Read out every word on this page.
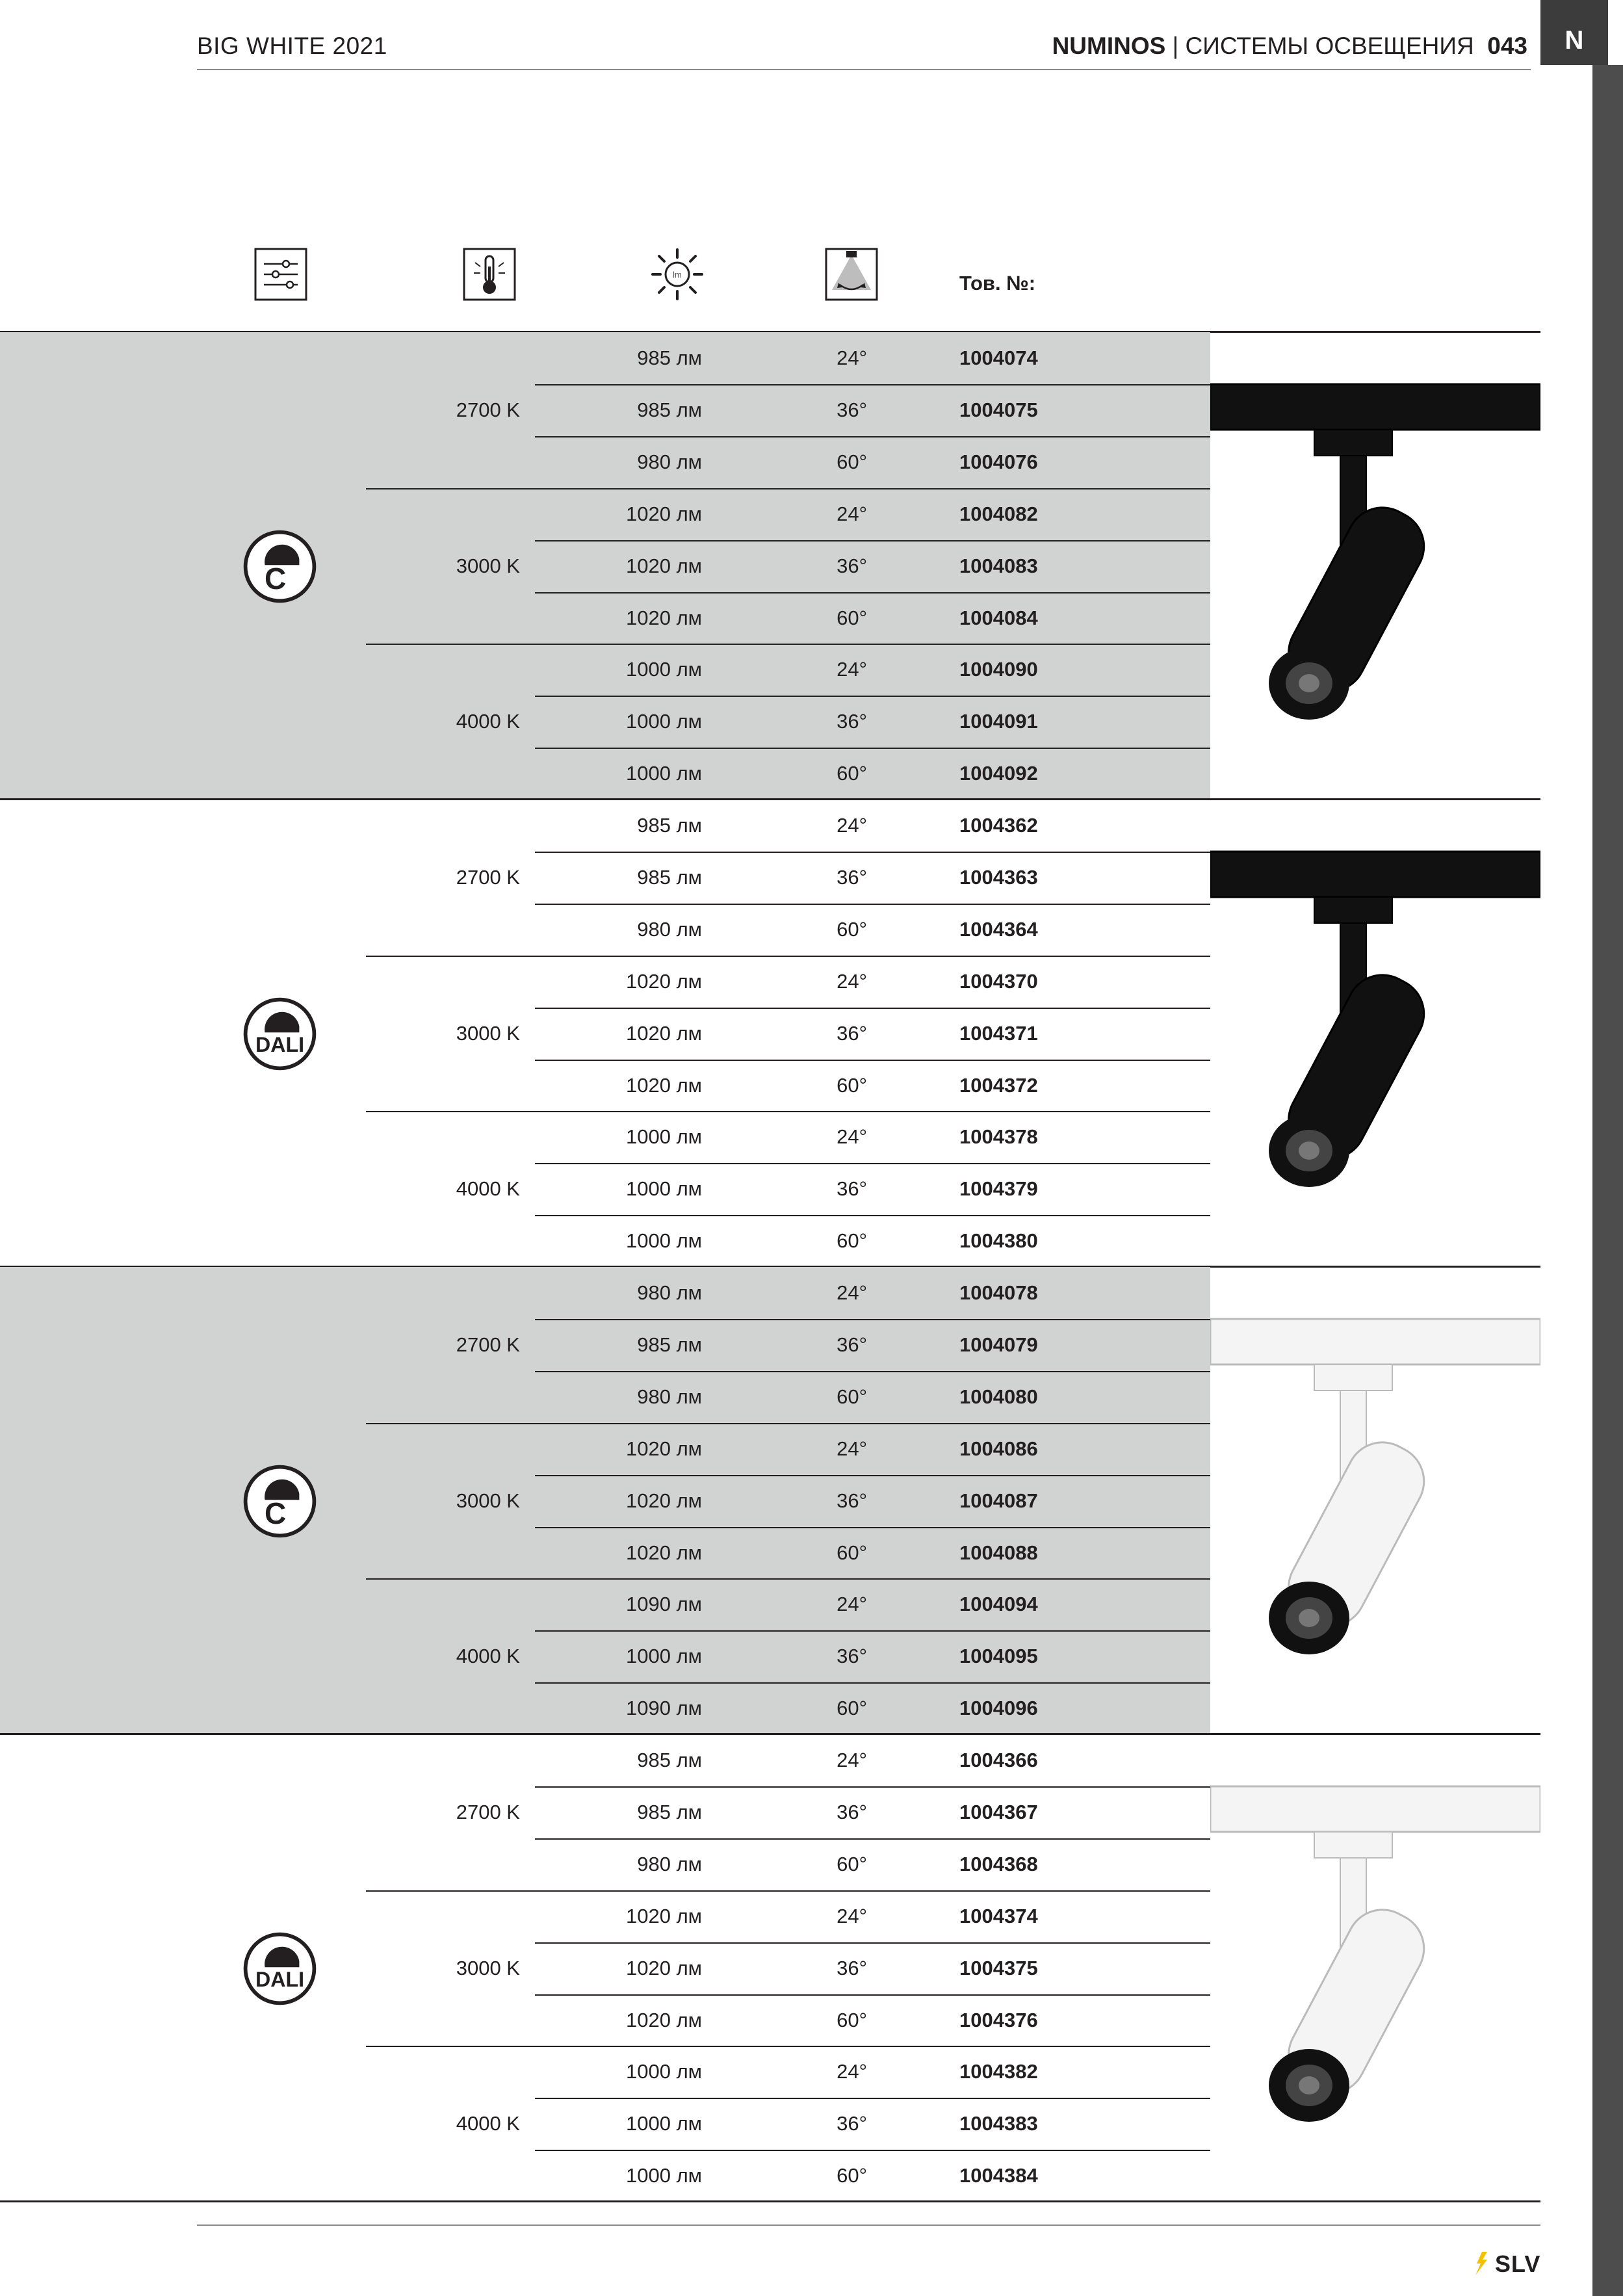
BIG WHITE 2021	NUMINOS | СИСТЕМЫ ОСВЕЩЕНИЯ 043	N
lm	Тов. №:
C
2700 K
985 лм	24°	1004074
985 лм	36°	1004075
980 лм	60°	1004076
3000 K
1020 лм	24°	1004082
1020 лм	36°	1004083
1020 лм	60°	1004084
4000 K
1000 лм	24°	1004090
1000 лм	36°	1004091
1000 лм	60°	1004092
DALI
2700 K
985 лм	24°	1004362
985 лм	36°	1004363
980 лм	60°	1004364
3000 K
1020 лм	24°	1004370
1020 лм	36°	1004371
1020 лм	60°	1004372
4000 K
1000 лм	24°	1004378
1000 лм	36°	1004379
1000 лм	60°	1004380
C
2700 K
980 лм	24°	1004078
985 лм	36°	1004079
980 лм	60°	1004080
3000 K
1020 лм	24°	1004086
1020 лм	36°	1004087
1020 лм	60°	1004088
4000 K
1090 лм	24°	1004094
1000 лм	36°	1004095
1090 лм	60°	1004096
DALI
2700 K
985 лм	24°	1004366
985 лм	36°	1004367
980 лм	60°	1004368
3000 K
1020 лм	24°	1004374
1020 лм	36°	1004375
1020 лм	60°	1004376
4000 K
1000 лм	24°	1004382
1000 лм	36°	1004383
1000 лм	60°	1004384
SLV
